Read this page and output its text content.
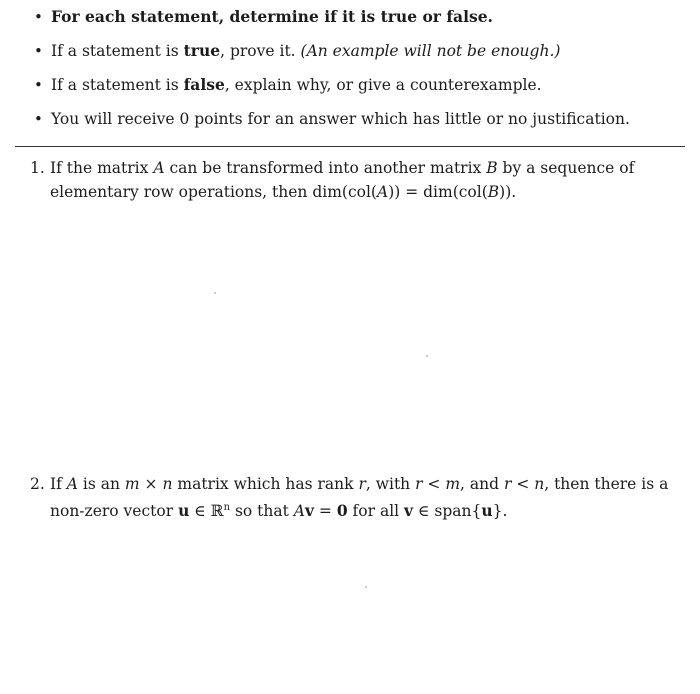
• For each statement, determine if it is true or false.
• If a statement is true, prove it. (An example will not be enough.)
• If a statement is false, explain why, or give a counterexample.
• You will receive 0 points for an answer which has little or no justification.
1. If the matrix A can be transformed into another matrix B by a sequence of elementary row operations, then dim(col(A)) = dim(col(B)).
2. If A is an m × n matrix which has rank r, with r < m, and r < n, then there is a non-zero vector u ∈ ℝ$^n$ so that Av = 0 for all v ∈ span{u}.
